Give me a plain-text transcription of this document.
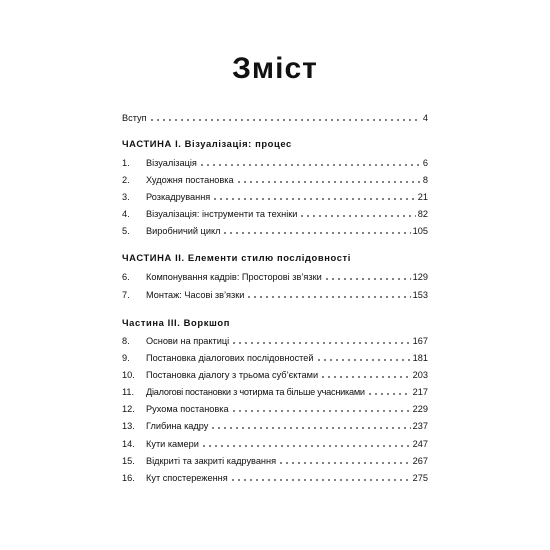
Зміст
Вступ	4
ЧАСТИНА І. Візуалізація: процес
1. Візуалізація	6
2. Художня постановка	8
3. Розкадрування	21
4. Візуалізація: інструменти та техніки	82
5. Виробничий цикл	105
ЧАСТИНА ІІ. Елементи стилю послідовності
6. Компонування кадрів: Просторові зв’язки	129
7. Монтаж: Часові зв’язки	153
Частина ІІІ. Воркшоп
8. Основи на практиці	167
9. Постановка діалогових послідовностей	181
10. Постановка діалогу з трьома суб’єктами	203
11. Діалогові постановки з чотирма та більше учасниками	217
12. Рухома постановка	229
13. Глибина кадру	237
14. Кути камери	247
15. Відкриті та закриті кадрування	267
16. Кут спостереження	275
